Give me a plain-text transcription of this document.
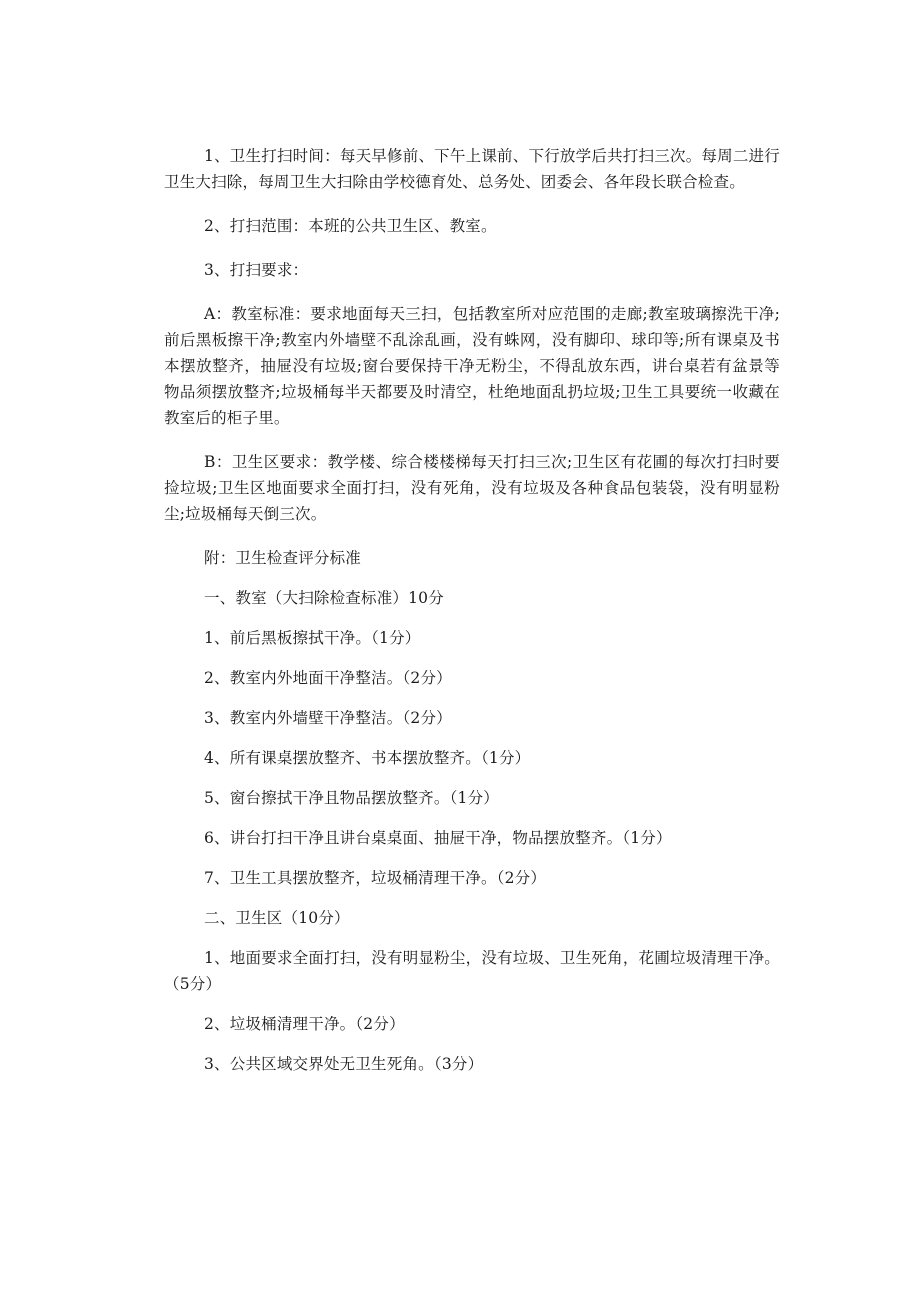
1、卫生打扫时间：每天早修前、下午上课前、下行放学后共打扫三次。每周二进行卫生大扫除，每周卫生大扫除由学校德育处、总务处、团委会、各年段长联合检查。

2、打扫范围：本班的公共卫生区、教室。

3、打扫要求：

A：教室标准：要求地面每天三扫，包括教室所对应范围的走廊;教室玻璃擦洗干净;前后黑板擦干净;教室内外墙壁不乱涂乱画，没有蛛网，没有脚印、球印等;所有课桌及书本摆放整齐，抽屉没有垃圾;窗台要保持干净无粉尘，不得乱放东西，讲台桌若有盆景等物品须摆放整齐;垃圾桶每半天都要及时清空，杜绝地面乱扔垃圾;卫生工具要统一收藏在教室后的柜子里。

B：卫生区要求：教学楼、综合楼楼梯每天打扫三次;卫生区有花圃的每次打扫时要捡垃圾;卫生区地面要求全面打扫，没有死角，没有垃圾及各种食品包装袋，没有明显粉尘;垃圾桶每天倒三次。

附：卫生检查评分标准

一、教室（大扫除检查标准）10分

1、前后黑板擦拭干净。（1分）

2、教室内外地面干净整洁。（2分）

3、教室内外墙壁干净整洁。（2分）

4、所有课桌摆放整齐、书本摆放整齐。（1分）

5、窗台擦拭干净且物品摆放整齐。（1分）

6、讲台打扫干净且讲台桌桌面、抽屉干净，物品摆放整齐。（1分）

7、卫生工具摆放整齐，垃圾桶清理干净。（2分）

二、卫生区（10分）

1、地面要求全面打扫，没有明显粉尘，没有垃圾、卫生死角，花圃垃圾清理干净。（5分）

2、垃圾桶清理干净。（2分）

3、公共区域交界处无卫生死角。（3分）
